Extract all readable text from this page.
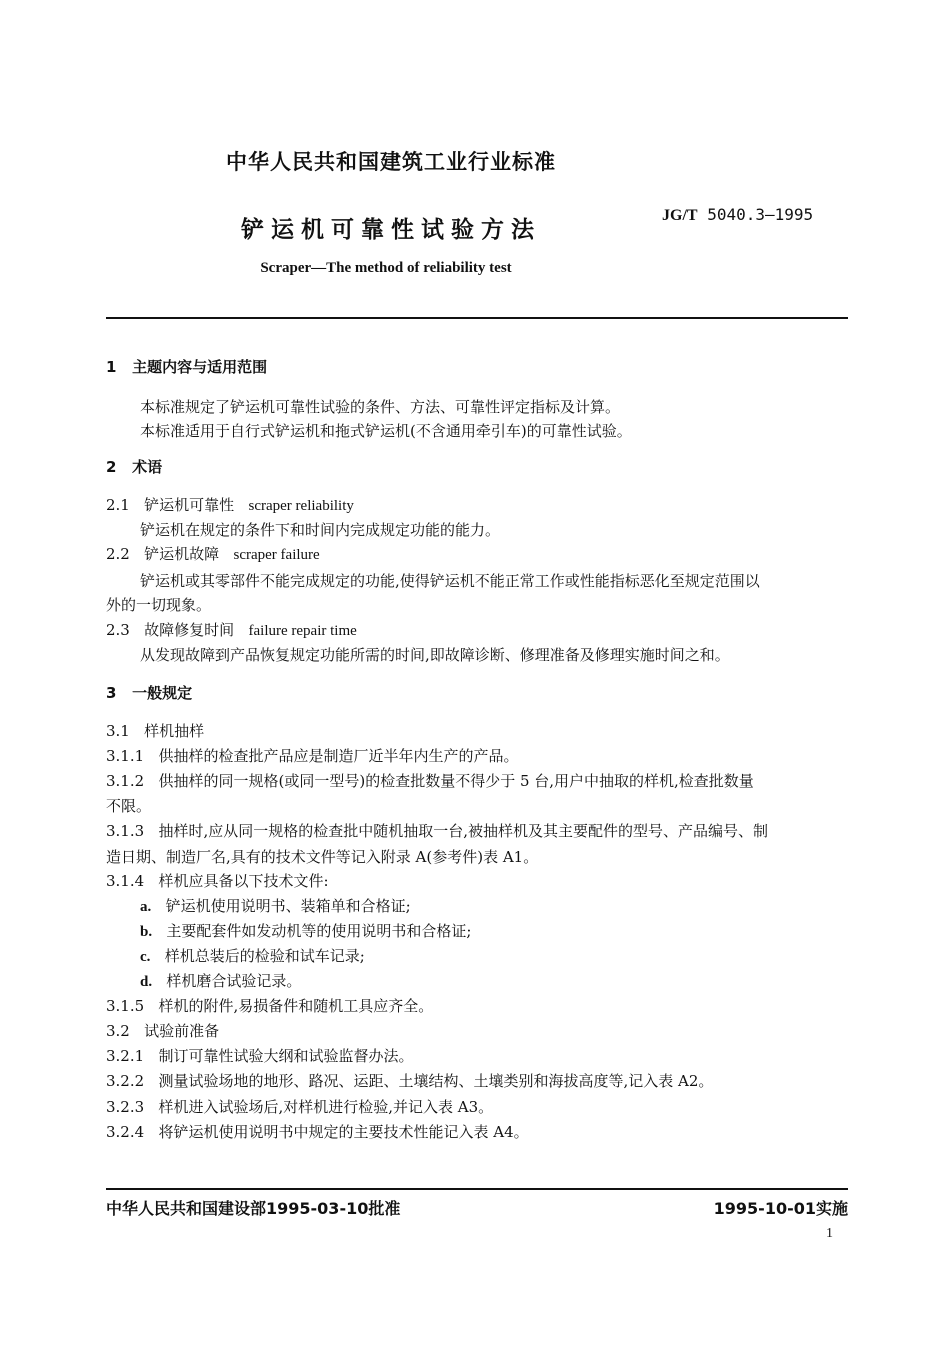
中华人民共和国建筑工业行业标准
JG/T 5040.3—1995
铲运机可靠性试验方法
Scraper—The method of reliability test
1 主题内容与适用范围
本标准规定了铲运机可靠性试验的条件、方法、可靠性评定指标及计算。
本标准适用于自行式铲运机和拖式铲运机(不含通用牵引车)的可靠性试验。
2 术语
2.1 铲运机可靠性 scraper reliability
铲运机在规定的条件下和时间内完成规定功能的能力。
2.2 铲运机故障 scraper failure
铲运机或其零部件不能完成规定的功能,使得铲运机不能正常工作或性能指标恶化至规定范围以
外的一切现象。
2.3 故障修复时间 failure repair time
从发现故障到产品恢复规定功能所需的时间,即故障诊断、修理准备及修理实施时间之和。
3 一般规定
3.1 样机抽样
3.1.1 供抽样的检查批产品应是制造厂近半年内生产的产品。
3.1.2 供抽样的同一规格(或同一型号)的检查批数量不得少于 5 台,用户中抽取的样机,检查批数量
不限。
3.1.3 抽样时,应从同一规格的检查批中随机抽取一台,被抽样机及其主要配件的型号、产品编号、制
造日期、制造厂名,具有的技术文件等记入附录 A(参考件)表 A1。
3.1.4 样机应具备以下技术文件:
a. 铲运机使用说明书、装箱单和合格证;
b. 主要配套件如发动机等的使用说明书和合格证;
c. 样机总装后的检验和试车记录;
d. 样机磨合试验记录。
3.1.5 样机的附件,易损备件和随机工具应齐全。
3.2 试验前准备
3.2.1 制订可靠性试验大纲和试验监督办法。
3.2.2 测量试验场地的地形、路况、运距、土壤结构、土壤类别和海拔高度等,记入表 A2。
3.2.3 样机进入试验场后,对样机进行检验,并记入表 A3。
3.2.4 将铲运机使用说明书中规定的主要技术性能记入表 A4。
中华人民共和国建设部1995-03-10批准	1995-10-01实施
1
